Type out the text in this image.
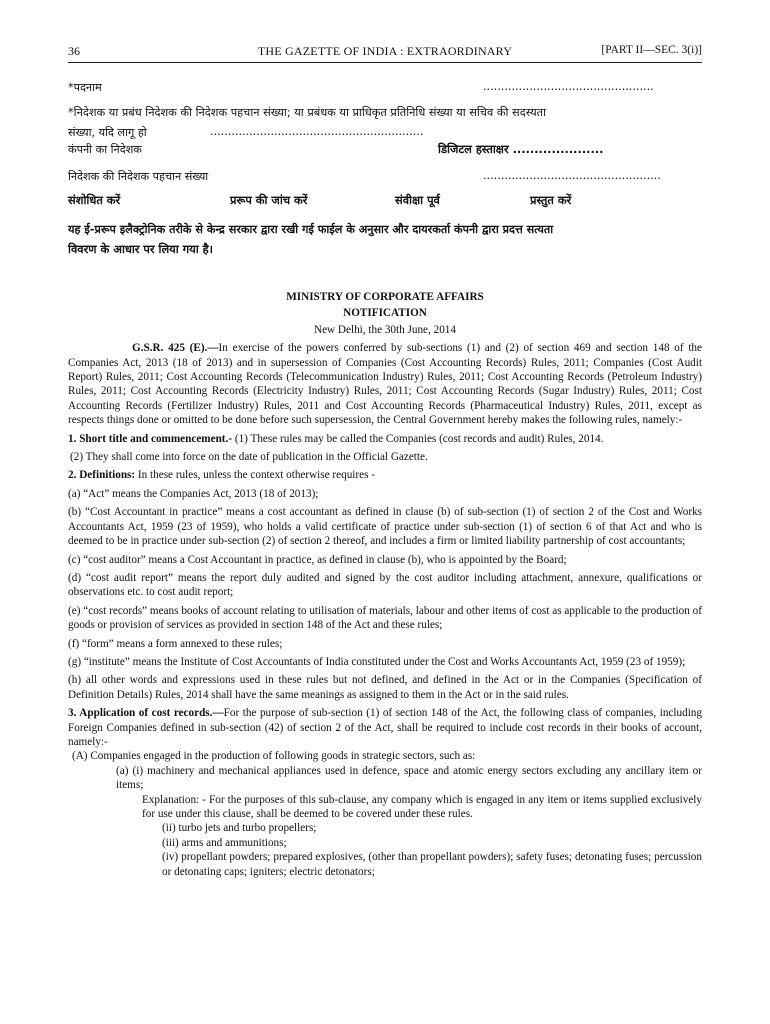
36	THE GAZETTE OF INDIA : EXTRAORDINARY	[PART II—SEC. 3(i)]
*पदनाम	................................................
*निदेशक या प्रबंध निदेशक की निदेशक पहचान संख्या; या प्रबंधक या प्राधिकृत प्रतिनिधि संख्या या सचिव की सदस्यता
संख्या, यदि लागू हो	............................................................
कंपनी का निदेशक	डिजिटल हस्ताक्षर .....................
निदेशक की निदेशक पहचान संख्या	..................................................
संशोधित करें	प्ररूप की जांच करें	संवीक्षा पूर्व	प्रस्तुत करें
यह ई-प्ररूप इलैक्ट्रोनिक तरीके से केन्द्र सरकार द्वारा रखी गई फाईल के अनुसार और दायरकर्ता कंपनी द्वारा प्रदत्त सत्यता
विवरण के आधार पर लिया गया है।
MINISTRY OF CORPORATE AFFAIRS
NOTIFICATION
New Delhi, the 30th June, 2014

G.S.R. 425 (E).—In exercise of the powers conferred by sub-sections (1) and (2) of section 469 and section 148 of the Companies Act, 2013 (18 of 2013) and in supersession of Companies (Cost Accounting Records) Rules, 2011; Companies (Cost Audit Report) Rules, 2011; Cost Accounting Records (Telecommunication Industry) Rules, 2011; Cost Accounting Records (Petroleum Industry) Rules, 2011; Cost Accounting Records (Electricity Industry) Rules, 2011; Cost Accounting Records (Sugar Industry) Rules, 2011; Cost Accounting Records (Fertilizer Industry) Rules, 2011 and Cost Accounting Records (Pharmaceutical Industry) Rules, 2011, except as respects things done or omitted to be done before such supersession, the Central Government hereby makes the following rules, namely:-

1. Short title and commencement.- (1) These rules may be called the Companies (cost records and audit) Rules, 2014.

(2) They shall come into force on the date of publication in the Official Gazette.

2. Definitions: In these rules, unless the context otherwise requires -

(a) “Act” means the Companies Act, 2013 (18 of 2013);

(b) “Cost Accountant in practice” means a cost accountant as defined in clause (b) of sub-section (1) of section 2 of the Cost and Works Accountants Act, 1959 (23 of 1959), who holds a valid certificate of practice under sub-section (1) of section 6 of that Act and who is deemed to be in practice under sub-section (2) of section 2 thereof, and includes a firm or limited liability partnership of cost accountants;

(c) “cost auditor” means a Cost Accountant in practice, as defined in clause (b), who is appointed by the Board;

(d) “cost audit report” means the report duly audited and signed by the cost auditor including attachment, annexure, qualifications or observations etc. to cost audit report;

(e) “cost records” means books of account relating to utilisation of materials, labour and other items of cost as applicable to the production of goods or provision of services as provided in section 148 of the Act and these rules;

(f) “form” means a form annexed to these rules;

(g) “institute” means the Institute of Cost Accountants of India constituted under the Cost and Works Accountants Act, 1959 (23 of 1959);

(h) all other words and expressions used in these rules but not defined, and defined in the Act or in the Companies (Specification of Definition Details) Rules, 2014 shall have the same meanings as assigned to them in the Act or in the said rules.

3. Application of cost records.—For the purpose of sub-section (1) of section 148 of the Act, the following class of companies, including Foreign Companies defined in sub-section (42) of section 2 of the Act, shall be required to include cost records in their books of account, namely:-

(A) Companies engaged in the production of following goods in strategic sectors, such as:

(a) (i) machinery and mechanical appliances used in defence, space and atomic energy sectors excluding any ancillary item or items;

Explanation: - For the purposes of this sub-clause, any company which is engaged in any item or items supplied exclusively for use under this clause, shall be deemed to be covered under these rules.

(ii) turbo jets and turbo propellers;

(iii) arms and ammunitions;

(iv) propellant powders; prepared explosives, (other than propellant powders); safety fuses; detonating fuses; percussion or detonating caps; igniters; electric detonators;
